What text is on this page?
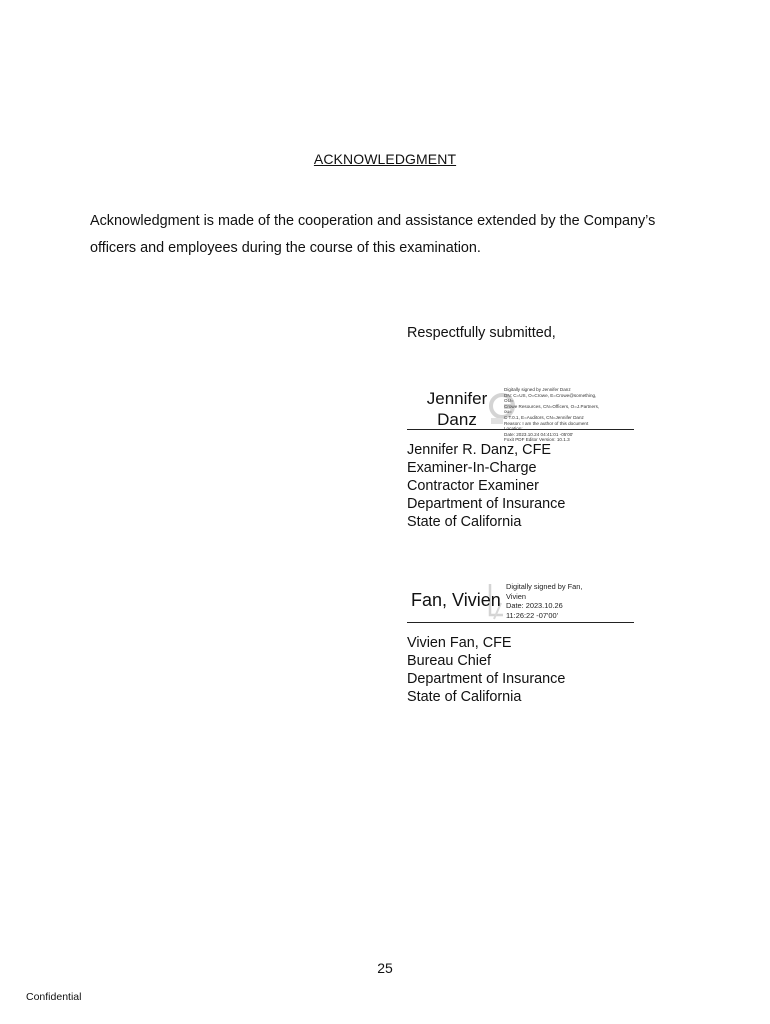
ACKNOWLEDGMENT
Acknowledgment is made of the cooperation and assistance extended by the Company’s
officers and employees during the course of this examination.
Respectfully submitted,
Jennifer
Danz
Digitally signed by Jennifer Danz
DN: C=US, O=Crowe, E=Crowe@something, OU=
Crowe Resources, CN=Officers, O=J.Partners, ou=
C T.0.1, E=Auditors, CN=Jennifer Danz
Reason: I am the author of this document
Location:
Date: 2023.10.24 04:41:01 -05'00'
Foxit PDF Editor Version: 10.1.3
Jennifer R. Danz, CFE
Examiner-In-Charge
Contractor Examiner
Department of Insurance
State of California
Fan, Vivien
Digitally signed by Fan,
Vivien
Date: 2023.10.26
11:26:22 -07'00'
Vivien Fan, CFE
Bureau Chief
Department of Insurance
State of California
25
Confidential
